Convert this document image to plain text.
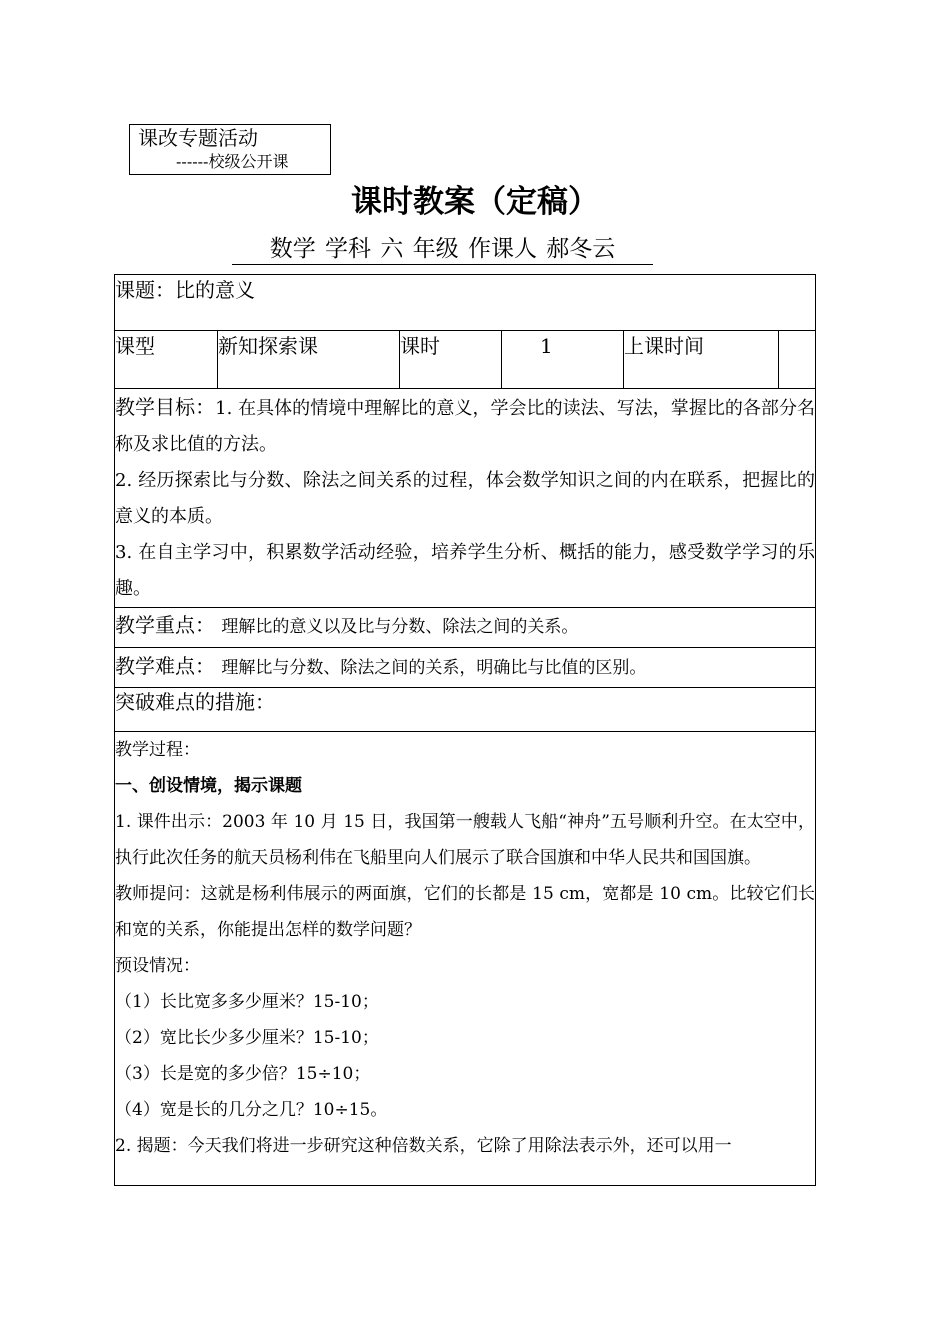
课改专题活动
------校级公开课
课时教案（定稿）
数学 学科 六 年级 作课人 郝冬云
课题：比的意义
课型	新知探索课	课时	1	上课时间	

教学目标：1. 在具体的情境中理解比的意义，学会比的读法、写法，掌握比的各部分名称及求比值的方法。

2. 经历探索比与分数、除法之间关系的过程，体会数学知识之间的内在联系，把握比的意义的本质。

3. 在自主学习中，积累数学活动经验，培养学生分析、概括的能力，感受数学学习的乐趣。

教学重点： 理解比的意义以及比与分数、除法之间的关系。
教学难点： 理解比与分数、除法之间的关系，明确比与比值的区别。
突破难点的措施：

教学过程：

一、创设情境，揭示课题

1. 课件出示：2003 年 10 月 15 日，我国第一艘载人飞船“神舟”五号顺利升空。在太空中，执行此次任务的航天员杨利伟在飞船里向人们展示了联合国旗和中华人民共和国国旗。

教师提问：这就是杨利伟展示的两面旗，它们的长都是 15 cm，宽都是 10 cm。比较它们长和宽的关系，你能提出怎样的数学问题？

预设情况：

（1）长比宽多多少厘米？15-10；

（2）宽比长少多少厘米？15-10；

（3）长是宽的多少倍？15÷10；

（4）宽是长的几分之几？10÷15。

2. 揭题：今天我们将进一步研究这种倍数关系，它除了用除法表示外，还可以用一
